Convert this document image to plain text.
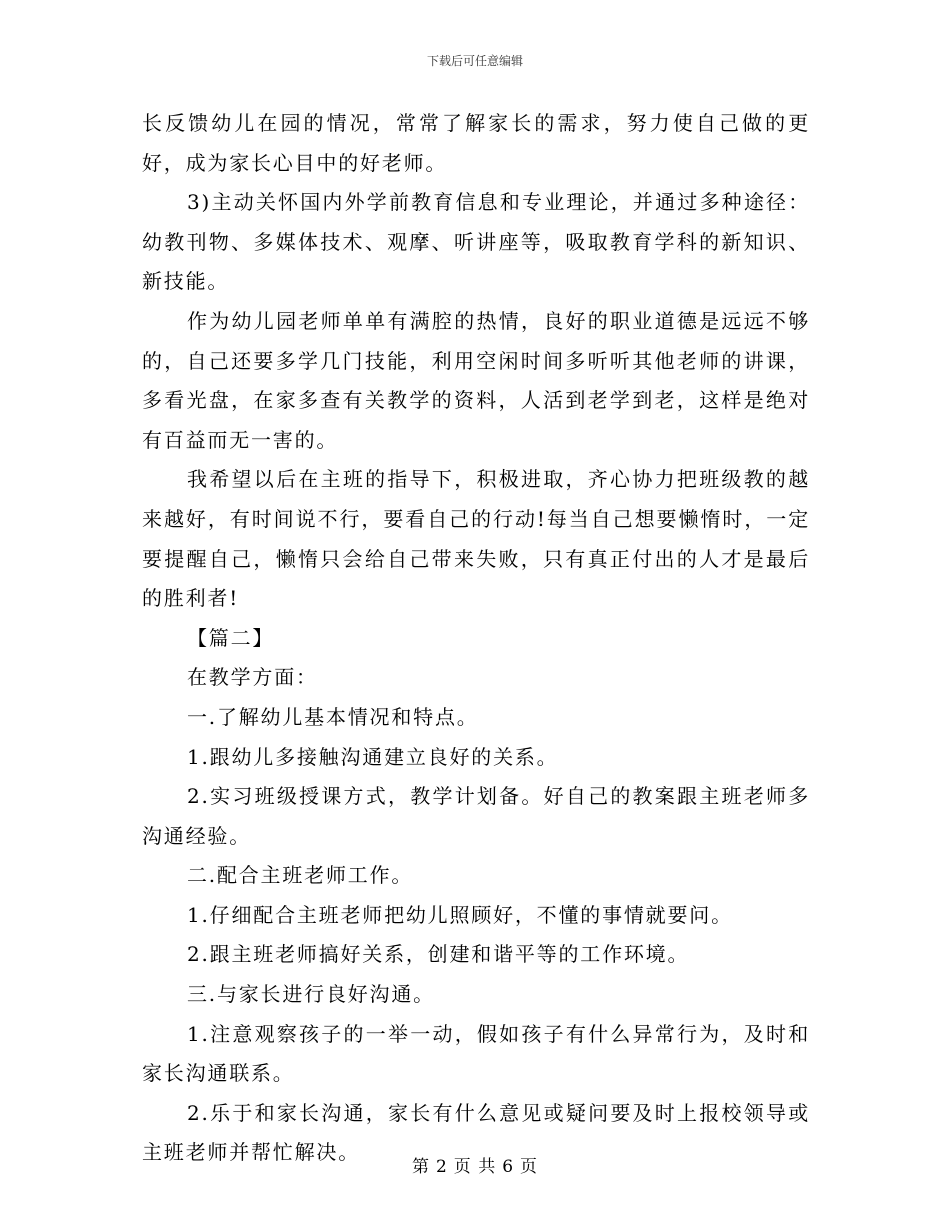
下载后可任意编辑

长反馈幼儿在园的情况，常常了解家长的需求，努力使自己做的更好，成为家长心目中的好老师。

3)主动关怀国内外学前教育信息和专业理论，并通过多种途径：幼教刊物、多媒体技术、观摩、听讲座等，吸取教育学科的新知识、新技能。

作为幼儿园老师单单有满腔的热情，良好的职业道德是远远不够的，自己还要多学几门技能，利用空闲时间多听听其他老师的讲课，多看光盘，在家多查有关教学的资料，人活到老学到老，这样是绝对有百益而无一害的。

我希望以后在主班的指导下，积极进取，齐心协力把班级教的越来越好，有时间说不行，要看自己的行动!每当自己想要懒惰时，一定要提醒自己，懒惰只会给自己带来失败，只有真正付出的人才是最后的胜利者!

【篇二】

在教学方面：

一.了解幼儿基本情况和特点。

1.跟幼儿多接触沟通建立良好的关系。

2.实习班级授课方式，教学计划备。好自己的教案跟主班老师多沟通经验。

二.配合主班老师工作。

1.仔细配合主班老师把幼儿照顾好，不懂的事情就要问。

2.跟主班老师搞好关系，创建和谐平等的工作环境。

三.与家长进行良好沟通。

1.注意观察孩子的一举一动，假如孩子有什么异常行为，及时和家长沟通联系。

2.乐于和家长沟通，家长有什么意见或疑问要及时上报校领导或主班老师并帮忙解决。

第 2 页 共 6 页
